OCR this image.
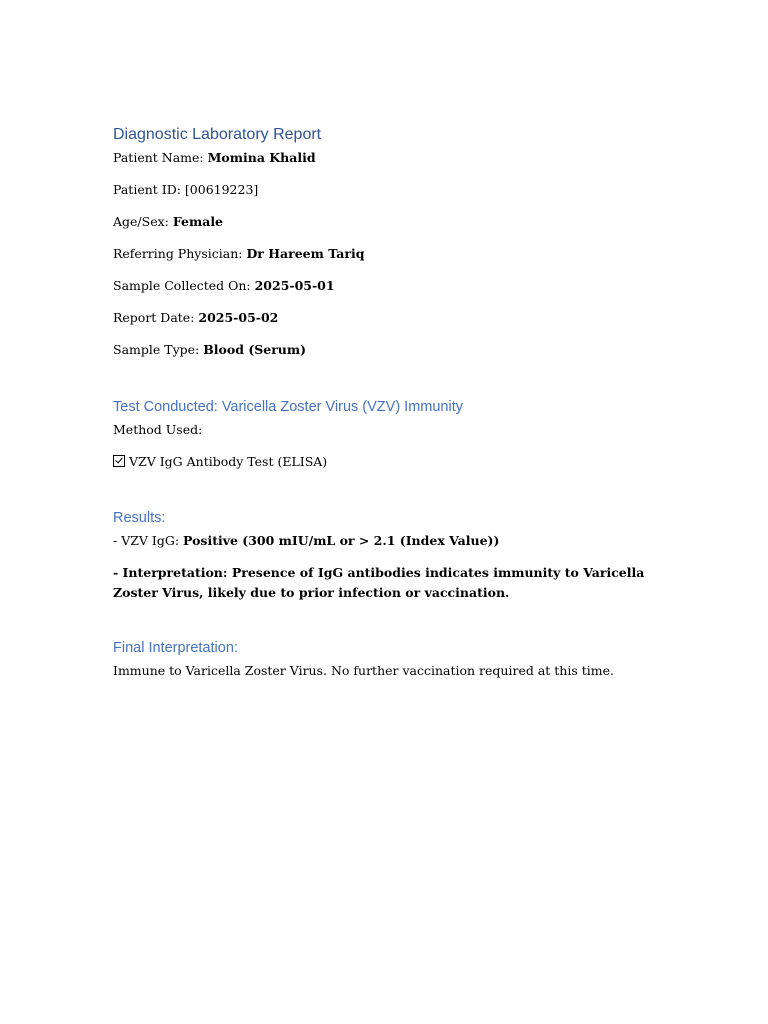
Diagnostic Laboratory Report

Patient Name: Momina Khalid

Patient ID: [00619223]

Age/Sex: Female

Referring Physician: Dr Hareem Tariq

Sample Collected On: 2025-05-01

Report Date: 2025-05-02

Sample Type: Blood (Serum)

Test Conducted: Varicella Zoster Virus (VZV) Immunity

Method Used:

VZV IgG Antibody Test (ELISA)

Results:

- VZV IgG: Positive (300 mIU/mL or > 2.1 (Index Value))

- Interpretation: Presence of IgG antibodies indicates immunity to Varicella Zoster Virus, likely due to prior infection or vaccination.

Final Interpretation:

Immune to Varicella Zoster Virus. No further vaccination required at this time.
